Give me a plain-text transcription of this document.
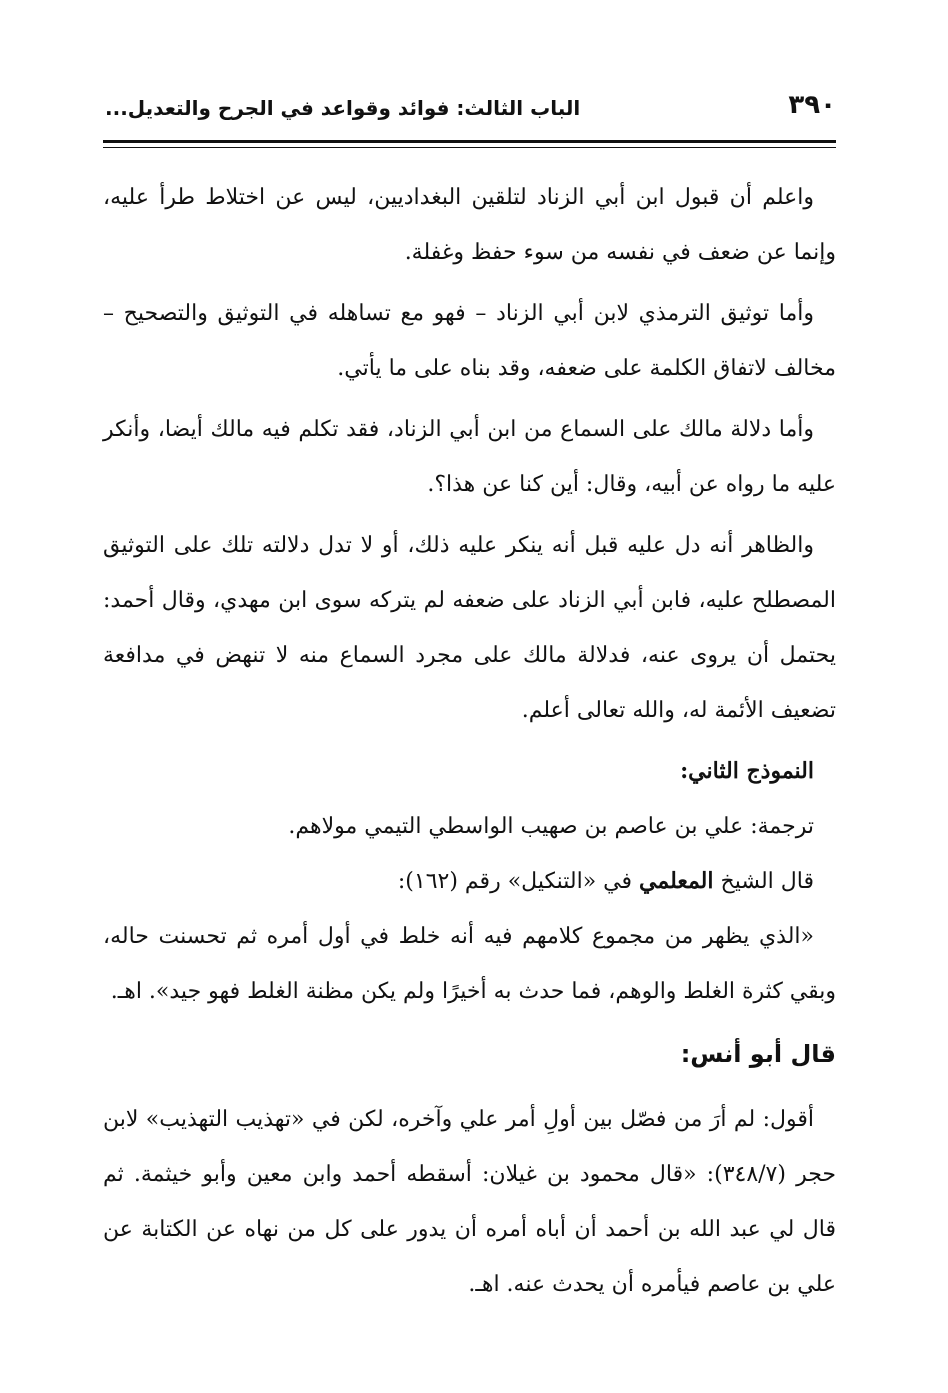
٣٩٠
الباب الثالث: فوائد وقواعد في الجرح والتعديل...

واعلم أن قبول ابن أبي الزناد لتلقين البغداديين، ليس عن اختلاط طرأ عليه، وإنما عن ضعف في نفسه من سوء حفظ وغفلة.

وأما توثيق الترمذي لابن أبي الزناد – فهو مع تساهله في التوثيق والتصحيح – مخالف لاتفاق الكلمة على ضعفه، وقد بناه على ما يأتي.

وأما دلالة مالك على السماع من ابن أبي الزناد، فقد تكلم فيه مالك أيضا، وأنكر عليه ما رواه عن أبيه، وقال: أين كنا عن هذا؟.

والظاهر أنه دل عليه قبل أنه ينكر عليه ذلك، أو لا تدل دلالته تلك على التوثيق المصطلح عليه، فابن أبي الزناد على ضعفه لم يتركه سوى ابن مهدي، وقال أحمد: يحتمل أن يروى عنه، فدلالة مالك على مجرد السماع منه لا تنهض في مدافعة تضعيف الأئمة له، والله تعالى أعلم.

النموذج الثاني:

ترجمة: علي بن عاصم بن صهيب الواسطي التيمي مولاهم.

قال الشيخ المعلمي في «التنكيل» رقم (١٦٢):

«الذي يظهر من مجموع كلامهم فيه أنه خلط في أول أمره ثم تحسنت حاله، وبقي كثرة الغلط والوهم، فما حدث به أخيرًا ولم يكن مظنة الغلط فهو جيد». اهـ.

قال أبو أنس:

أقول: لم أرَ من فصّل بين أولِ أمر علي وآخره، لكن في «تهذيب التهذيب» لابن حجر (٣٤٨/٧): «قال محمود بن غيلان: أسقطه أحمد وابن معين وأبو خيثمة. ثم قال لي عبد الله بن أحمد أن أباه أمره أن يدور على كل من نهاه عن الكتابة عن علي بن عاصم فيأمره أن يحدث عنه. اهـ.
